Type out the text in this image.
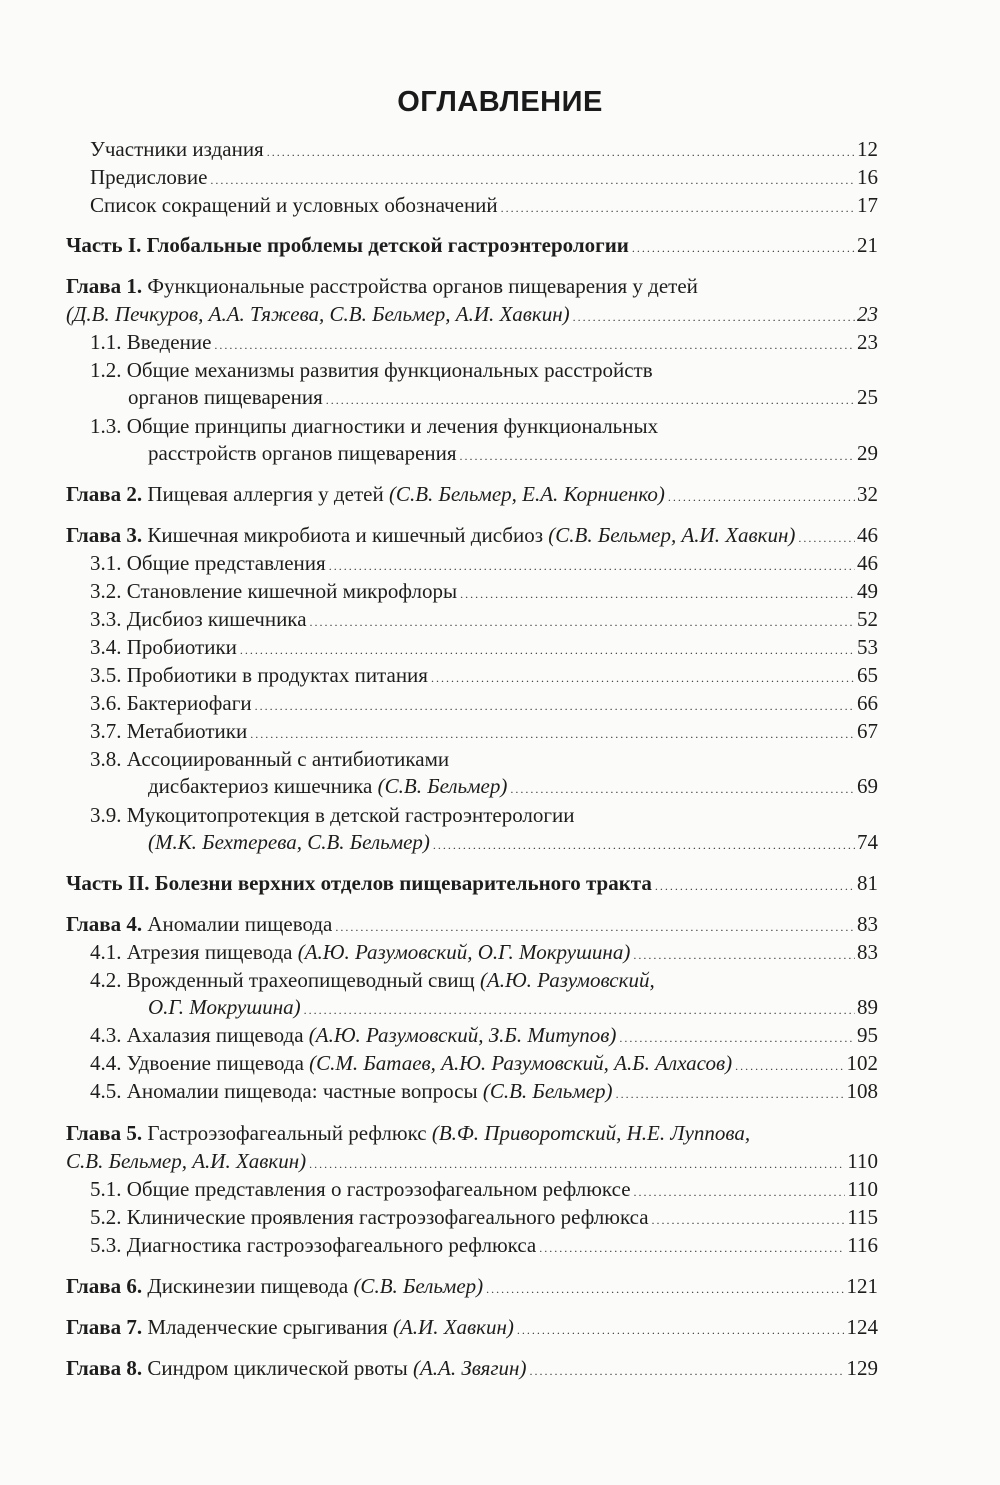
ОГЛАВЛЕНИЕ
Участники издания .....	12
Предисловие .....	16
Список сокращений и условных обозначений .....	17
Часть I. Глобальные проблемы детской гастроэнтерологии .....	21
Глава 1. Функциональные расстройства органов пищеварения у детей
(Д.В. Печкуров, А.А. Тяжева, С.В. Бельмер, А.И. Хавкин) .....	23
1.1. Введение .....	23
1.2. Общие механизмы развития функциональных расстройств
органов пищеварения .....	25
1.3. Общие принципы диагностики и лечения функциональных
расстройств органов пищеварения .....	29
Глава 2.
Пищевая аллергия у детей
(С.В. Бельмер, Е.А. Корниенко) .....	32
Глава 3.
Кишечная микробиота и кишечный дисбиоз
(С.В. Бельмер, А.И. Хавкин) .....	46
3.1. Общие представления .....	46
3.2. Становление кишечной микрофлоры .....	49
3.3. Дисбиоз кишечника .....	52
3.4. Пробиотики .....	53
3.5. Пробиотики в продуктах питания .....	65
3.6. Бактериофаги .....	66
3.7. Метабиотики .....	67
3.8. Ассоциированный с антибиотиками
дисбактериоз кишечника
(С.В. Бельмер) .....	69
3.9. Мукоцитопротекция в детской гастроэнтерологии
(М.К. Бехтерева, С.В. Бельмер) .....	74
Часть II. Болезни верхних отделов пищеварительного тракта .....	81
Глава 4.
Аномалии пищевода .....	83
4.1. Атрезия пищевода
(А.Ю. Разумовский, О.Г. Мокрушина) .....	83
4.2. Врожденный трахеопищеводный свищ (А.Ю. Разумовский,
О.Г. Мокрушина) .....	89
4.3. Ахалазия пищевода
(А.Ю. Разумовский, З.Б. Митупов) .....	95
4.4. Удвоение пищевода
(С.М. Батаев, А.Ю. Разумовский, А.Б. Алхасов) .....	102
4.5. Аномалии пищевода: частные вопросы
(С.В. Бельмер) .....	108
Глава 5. Гастроэзофагеальный рефлюкс (В.Ф. Приворотский, Н.Е. Луппова,
С.В. Бельмер, А.И. Хавкин) .....	110
5.1. Общие представления о гастроэзофагеальном рефлюксе .....	110
5.2. Клинические проявления гастроэзофагеального рефлюкса .....	115
5.3. Диагностика гастроэзофагеального рефлюкса .....	116
Глава 6.
Дискинезии пищевода
(С.В. Бельмер) .....	121
Глава 7.
Младенческие срыгивания
(А.И. Хавкин) .....	124
Глава 8.
Синдром циклической рвоты
(А.А. Звягин) .....	129
